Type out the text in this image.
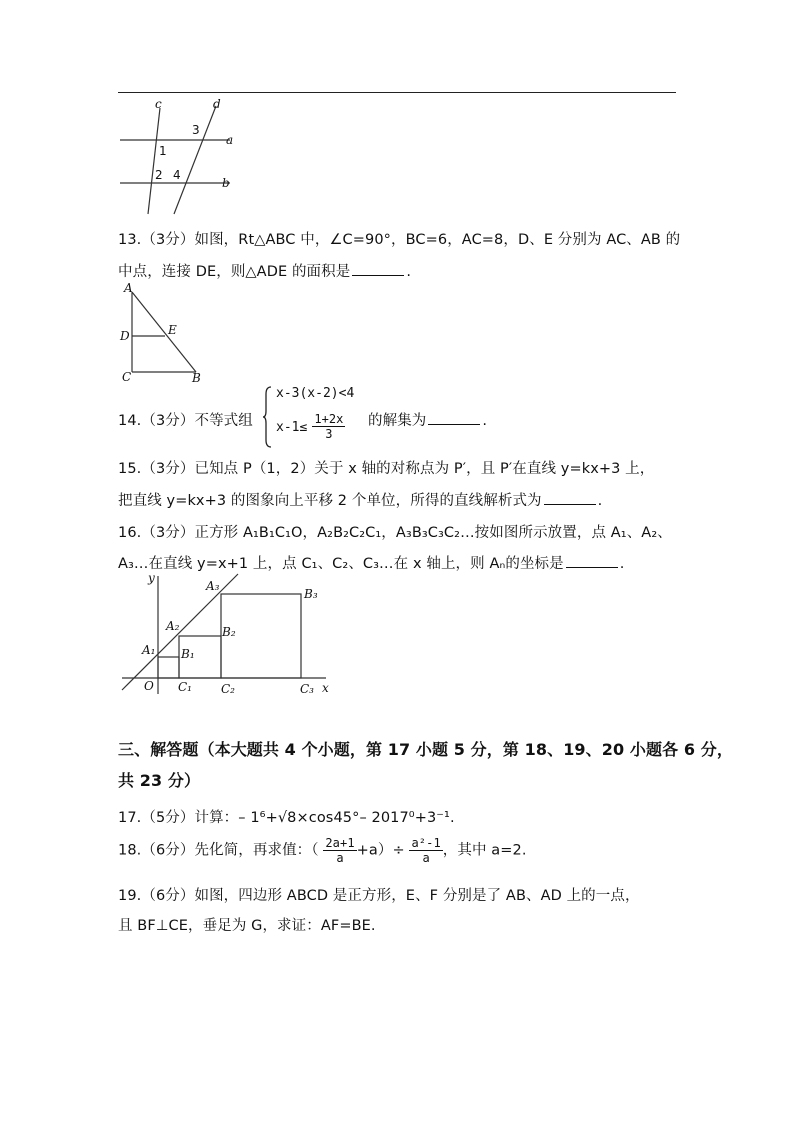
c	d
a
b
1
2
3
4
13.（3分）如图，Rt△ABC 中，∠C=90°，BC=6，AC=8，D、E 分别为 AC、AB 的
中点，连接 DE，则△ADE 的面积是	.
A
D	E
C	B
14.（3分）不等式组
x-3(x-2)<4
$x-1\le \frac{1+2x}{3}$ 的解集为	.
15.（3分）已知点 P（1，2）关于 x 轴的对称点为 P′，且 P′在直线 y=kx+3 上，
把直线 y=kx+3 的图象向上平移 2 个单位，所得的直线解析式为	.
16.（3分）正方形 A₁B₁C₁O，A₂B₂C₂C₁，A₃B₃C₃C₂…按如图所示放置，点 A₁、A₂、
A₃…在直线 y=x+1 上，点 C₁、C₂、C₃…在 x 轴上，则 Aₙ的坐标是	.
y
x
O
A₁
A₂
A₃
B₁
B₂
B₃
C₁ C₂	C₃
三、解答题（本大题共 4 个小题，第 17 小题 5 分，第 18、19、20 小题各 6 分，
共 23 分）
17.（5分）计算：– 1⁶+√8×cos45°– 2017⁰+3⁻¹.
18.（6分）先化简，再求值：（ $\frac{2a+1}{a} +a)\div \frac{\text{a²-1}}{a}$ ，其中 a=2.
19.（6分）如图，四边形 ABCD 是正方形，E、F 分别是了 AB、AD 上的一点，
且 BF⊥CE，垂足为 G，求证：AF=BE.
